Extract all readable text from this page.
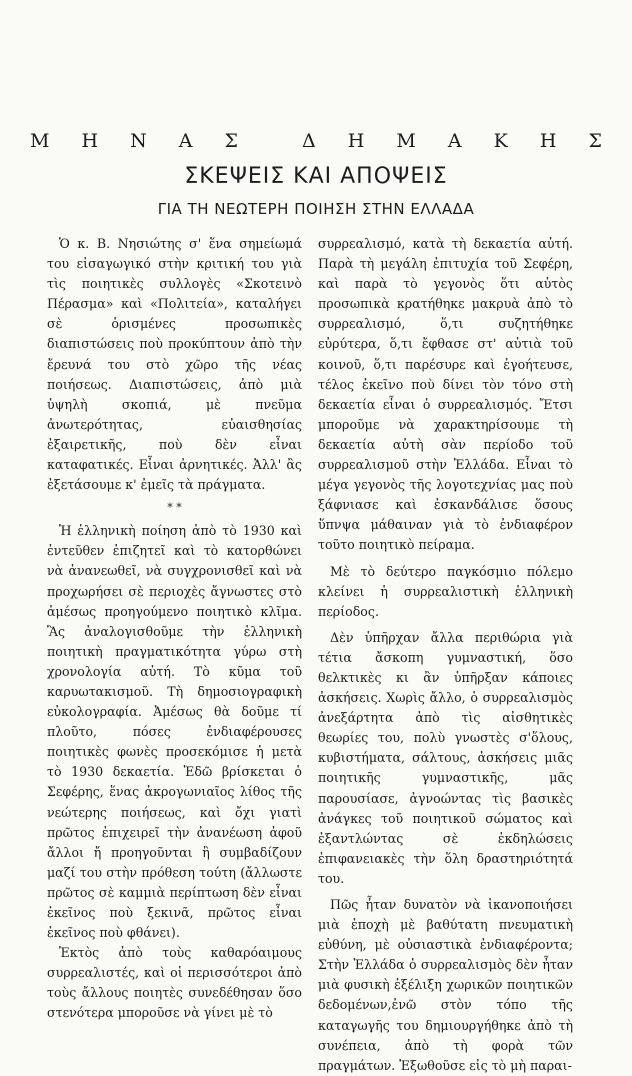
Μ Η Ν Α Σ	Δ Η Μ Α Κ Η Σ
ΣΚΕΨΕΙΣ ΚΑΙ ΑΠΟΨΕΙΣ
ΓΙΑ ΤΗ ΝΕΩΤΕΡΗ ΠΟΙΗΣΗ ΣΤΗΝ ΕΛΛΑΔΑ

Ὁ κ. Β. Νησιώτης σ' ἕνα σημείωμά του εἰσαγωγικό στὴν κριτική του γιὰ τὶς ποιητικὲς συλλογὲς «Σκοτεινὸ Πέρασμα» καὶ «Πολιτεία», καταλήγει σὲ ὁρισμένες προσωπικὲς διαπιστώσεις ποὺ προκύπτουν ἀπὸ τὴν ἔρευνά του στὸ χῶρο τῆς νέας ποιήσεως. Διαπιστώσεις, ἀπὸ μιὰ ὑψηλὴ σκοπιά, μὲ πνεῦμα ἀνωτερότητας, εὐαισθησίας ἐξαιρετικῆς, ποὺ δὲν εἶναι καταφατικές. Εἶναι ἀρνητικές. Ἀλλ' ἂς ἐξετάσουμε κ' ἐμεῖς τὰ πράγματα.

* *

Ἡ ἑλληνικὴ ποίηση ἀπὸ τὸ 1930 καὶ ἐντεῦθεν ἐπιζητεῖ καὶ τὸ κατορθώνει νὰ ἀνανεωθεῖ, νὰ συγχρονισθεῖ καὶ νὰ προχωρήσει σὲ περιοχὲς ἄγνωστες στὸ ἀμέσως προηγούμενο ποιητικὸ κλῖμα. Ἂς ἀναλογισθοῦμε τὴν ἑλληνικὴ ποιητικὴ πραγματικότητα γύρω στὴ χρονολογία αὐτή. Τὸ κῦμα τοῦ καρυωτακισμοῦ. Τὴ δημοσιογραφικὴ εὐκολογραφία. Ἀμέσως θὰ δοῦμε τί πλοῦτο, πόσες ἐνδιαφέρουσες ποιητικὲς φωνὲς προσεκόμισε ἡ μετὰ τὸ 1930 δεκαετία. Ἐδῶ βρίσκεται ὁ Σεφέρης, ἕνας ἀκρογωνιαῖος λίθος τῆς νεώτερης ποιήσεως, καὶ ὄχι γιατὶ πρῶτος ἐπιχειρεῖ τὴν ἀνανέωση ἀφοῦ ἄλλοι ἤ προηγοῦνται ἢ συμβαδίζουν μαζί του στὴν πρόθεση τούτη (ἄλλωστε πρῶτος σὲ καμμιὰ περίπτωση δὲν εἶναι ἐκεῖνος ποὺ ξεκινᾶ, πρῶτος εἶναι ἐκεῖνος ποὺ φθάνει).

Ἐκτὸς ἀπὸ τοὺς καθαρόαιμους συρρεαλιστές, καὶ οἱ περισσότεροι ἀπὸ τοὺς ἄλλους ποιητὲς συνεδέθησαν ὅσο στενότερα μποροῦσε νὰ γίνει μὲ τὸ

συρρεαλισμό, κατὰ τὴ δεκαετία αὐτή. Παρὰ τὴ μεγάλη ἐπιτυχία τοῦ Σεφέρη, καὶ παρὰ τὸ γεγονὸς ὅτι αὐτὸς προσωπικὰ κρατήθηκε μακρυὰ ἀπὸ τὸ συρρεαλισμό, ὅ,τι συζητήθηκε εὐρύτερα, ὅ,τι ἔφθασε στ' αὐτιὰ τοῦ κοινοῦ, ὅ,τι παρέσυρε καὶ ἐγοήτευσε, τέλος ἐκεῖνο ποὺ δίνει τὸν τόνο στὴ δεκαετία εἶναι ὁ συρρεαλισμός. Ἔτσι μποροῦμε νὰ χαρακτηρίσουμε τὴ δεκαετία αὐτὴ σὰν περίοδο τοῦ συρρεαλισμοῦ στὴν Ἑλλάδα. Εἶναι τὸ μέγα γεγονὸς τῆς λογοτεχνίας μας ποὺ ξάφνιασε καὶ ἐσκανδάλισε ὅσους ὕπνψα μάθαιναν γιὰ τὸ ἐνδιαφέρον τοῦτο ποιητικὸ πείραμα.

Μὲ τὸ δεύτερο παγκόσμιο πόλεμο κλείνει ἡ συρρεαλιστικὴ ἑλληνικὴ περίοδος.

Δὲν ὑπῆρχαν ἄλλα περιθώρια γιὰ τέτια ἄσκοπη γυμναστική, ὅσο θελκτικὲς κι ἂν ὑπῆρξαν κάποιες ἀσκήσεις. Χωρὶς ἄλλο, ὁ συρρεαλισμὸς ἀνεξάρτητα ἀπὸ τὶς αἰσθητικὲς θεωρίες του, πολὺ γνωστὲς σ'ὅλους, κυβιστήματα, σάλτους, ἀσκήσεις μιᾶς ποιητικῆς γυμναστικῆς, μᾶς παρουσίασε, ἀγνοώντας τὶς βασικὲς ἀνάγκες τοῦ ποιητικοῦ σώματος καὶ ἐξαντλώντας σὲ ἐκδηλώσεις ἐπιφανειακὲς τὴν ὅλη δραστηριότητά του.

Πῶς ἦταν δυνατὸν νὰ ἱκανοποιήσει μιὰ ἐποχὴ μὲ βαθύτατη πνευματικὴ εὐθύνη, μὲ οὐσιαστικὰ ἐνδιαφέροντα; Στὴν Ἑλλάδα ὁ συρρεαλισμὸς δὲν ἦταν μιὰ φυσικὴ ἐξέλιξη χωρικῶν ποιητικῶν δεδομένων,ἐνῶ στὸν τόπο τῆς καταγωγῆς του δημιουργήθηκε ἀπὸ τὴ συνέπεια, ἀπὸ τὴ φορὰ τῶν πραγμάτων. Ἐξωθοῦσε εἰς τὸ μὴ παραι-
